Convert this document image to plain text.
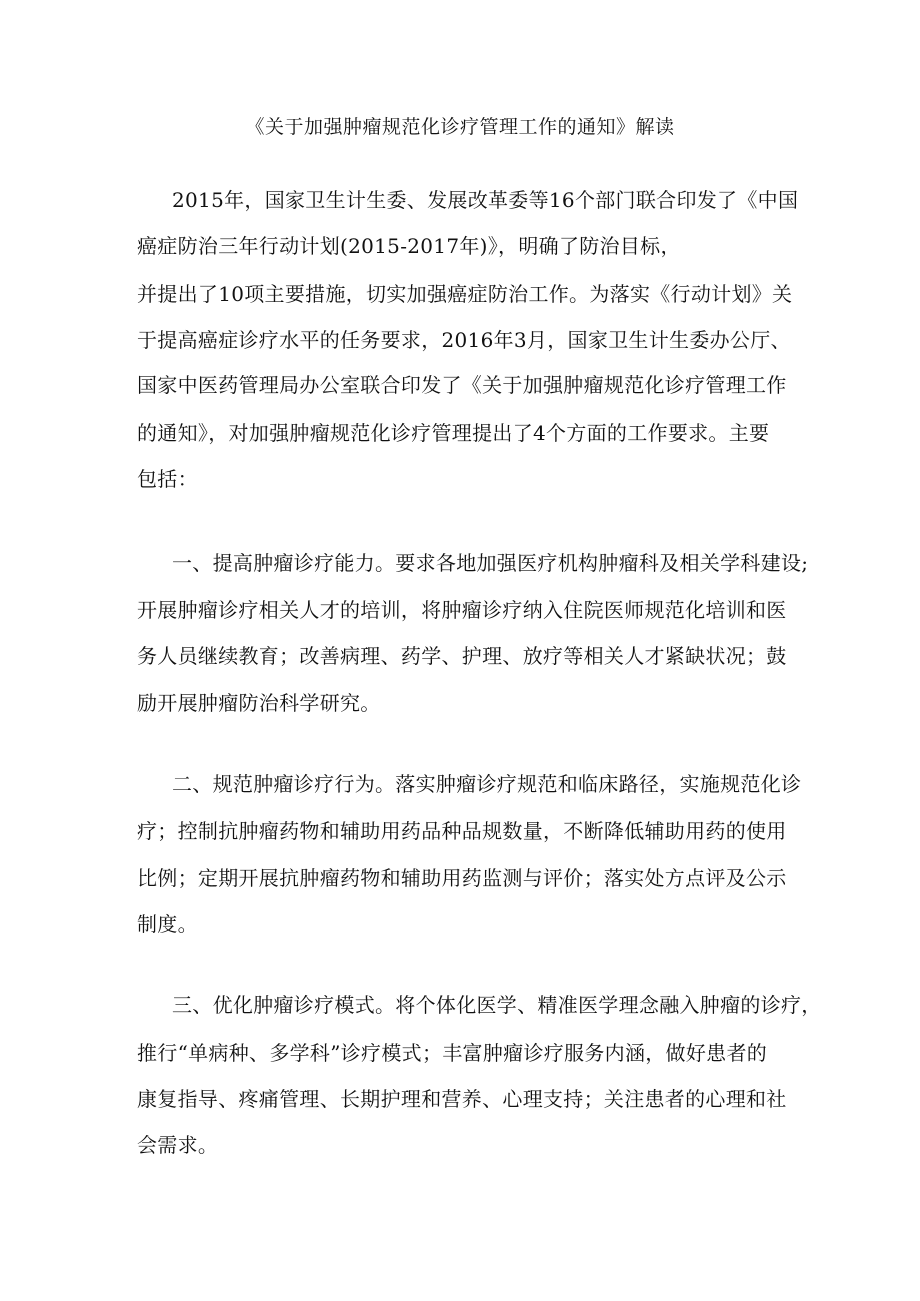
《关于加强肿瘤规范化诊疗管理工作的通知》解读
2015年，国家卫生计生委、发展改革委等16个部门联合印发了《中国
癌症防治三年行动计划(2015-2017年)》，明确了防治目标，
并提出了10项主要措施，切实加强癌症防治工作。为落实《行动计划》关
于提高癌症诊疗水平的任务要求，2016年3月，国家卫生计生委办公厅、
国家中医药管理局办公室联合印发了《关于加强肿瘤规范化诊疗管理工作
的通知》，对加强肿瘤规范化诊疗管理提出了4个方面的工作要求。主要
包括：
一、提高肿瘤诊疗能力。要求各地加强医疗机构肿瘤科及相关学科建设;
开展肿瘤诊疗相关人才的培训，将肿瘤诊疗纳入住院医师规范化培训和医
务人员继续教育；改善病理、药学、护理、放疗等相关人才紧缺状况；鼓
励开展肿瘤防治科学研究。
二、规范肿瘤诊疗行为。落实肿瘤诊疗规范和临床路径，实施规范化诊
疗；控制抗肿瘤药物和辅助用药品种品规数量，不断降低辅助用药的使用
比例；定期开展抗肿瘤药物和辅助用药监测与评价；落实处方点评及公示
制度。
三、优化肿瘤诊疗模式。将个体化医学、精准医学理念融入肿瘤的诊疗，
推行“单病种、多学科”诊疗模式；丰富肿瘤诊疗服务内涵，做好患者的
康复指导、疼痛管理、长期护理和营养、心理支持；关注患者的心理和社
会需求。
